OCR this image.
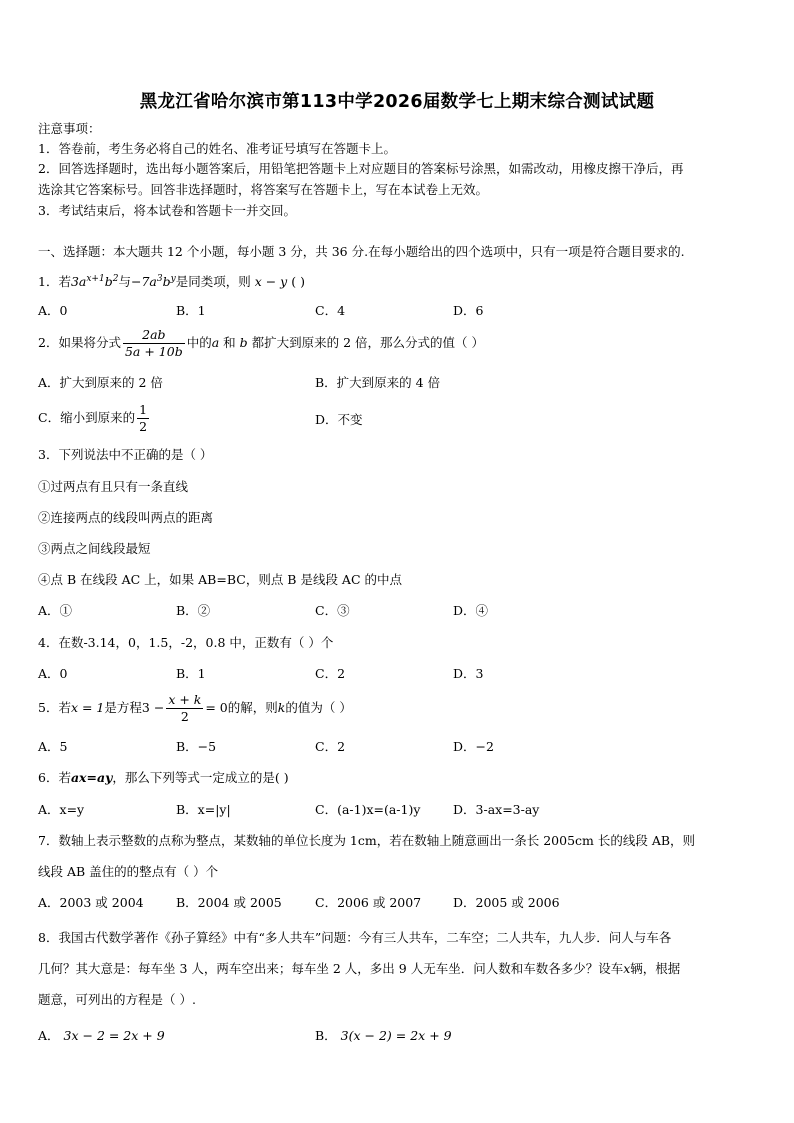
黑龙江省哈尔滨市第113中学2026届数学七上期末综合测试试题
注意事项：
1．答卷前，考生务必将自己的姓名、准考证号填写在答题卡上。
2．回答选择题时，选出每小题答案后，用铅笔把答题卡上对应题目的答案标号涂黑，如需改动，用橡皮擦干净后，再
选涂其它答案标号。回答非选择题时，将答案写在答题卡上，写在本试卷上无效。
3．考试结束后，将本试卷和答题卡一并交回。
一、选择题：本大题共 12 个小题，每小题 3 分，共 36 分.在每小题给出的四个选项中，只有一项是符合题目要求的.
1．若$3a^{x+1}b^2$与$-7a^3b^y$是同类项，则 x − y ( )
A．0	B．1	C．4	D．6
2．如果将分式 $\frac{2ab}{5a + 10b}$ 中的a 和 b 都扩大到原来的 2 倍，那么分式的值（ ）
A．扩大到原来的 2 倍	B．扩大到原来的 4 倍
C．缩小到原来的 $\frac{1}{2}$	D．不变
3．下列说法中不正确的是（ ）
①过两点有且只有一条直线
②连接两点的线段叫两点的距离
③两点之间线段最短
④点 B 在线段 AC 上，如果 AB=BC，则点 B 是线段 AC 的中点
A．①	B．②	C．③	D．④
4．在数-3.14，0，1.5，-2，0.8 中，正数有（ ）个
A．0	B．1	C．2	D．3
5．若x = 1是方程$3 - \frac{x + k}{2} = 0$的解，则k的值为（ ）
A．5	B．−5	C．2	D．−2
6．若ax=ay，那么下列等式一定成立的是( )
A．x=y	B．x=|y|	C．(a-1)x=(a-1)y	D．3-ax=3-ay
7．数轴上表示整数的点称为整点，某数轴的单位长度为 1cm，若在数轴上随意画出一条长 2005cm 长的线段 AB，则
线段 AB 盖住的的整点有（ ）个
A．2003 或 2004	B．2004 或 2005	C．2006 或 2007	D．2005 或 2006
8．我国古代数学著作《孙子算经》中有“多人共车”问题：今有三人共车，二车空；二人共车，九人步．问人与车各
几何？其大意是：每车坐 3 人，两车空出来；每车坐 2 人，多出 9 人无车坐．问人数和车数各多少？设车x辆，根据
题意，可列出的方程是（ ）.
A． 3x − 2 = 2x + 9	B． 3(x − 2) = 2x + 9
